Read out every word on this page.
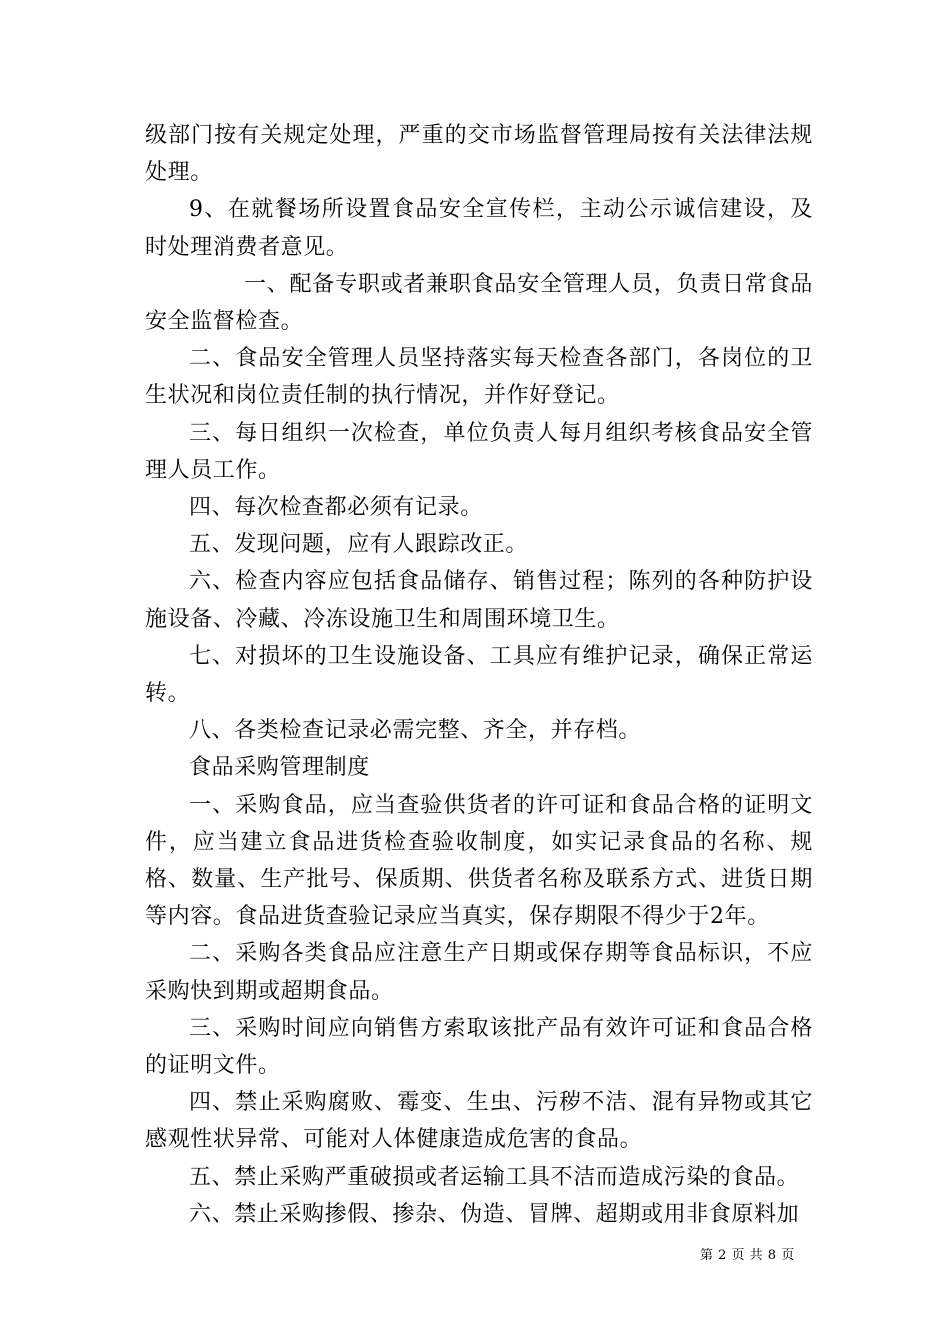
级部门按有关规定处理，严重的交市场监督管理局按有关法律法规处理。

9、在就餐场所设置食品安全宣传栏，主动公示诚信建设，及时处理消费者意见。

一、配备专职或者兼职食品安全管理人员，负责日常食品安全监督检查。

二、食品安全管理人员坚持落实每天检查各部门，各岗位的卫生状况和岗位责任制的执行情况，并作好登记。

三、每日组织一次检查，单位负责人每月组织考核食品安全管理人员工作。

四、每次检查都必须有记录。

五、发现问题，应有人跟踪改正。

六、检查内容应包括食品储存、销售过程；陈列的各种防护设施设备、冷藏、冷冻设施卫生和周围环境卫生。

七、对损坏的卫生设施设备、工具应有维护记录，确保正常运转。

八、各类检查记录必需完整、齐全，并存档。

食品采购管理制度

一、采购食品，应当查验供货者的许可证和食品合格的证明文件，应当建立食品进货检查验收制度，如实记录食品的名称、规格、数量、生产批号、保质期、供货者名称及联系方式、进货日期等内容。食品进货查验记录应当真实，保存期限不得少于2年。

二、采购各类食品应注意生产日期或保存期等食品标识，不应采购快到期或超期食品。

三、采购时间应向销售方索取该批产品有效许可证和食品合格的证明文件。

四、禁止采购腐败、霉变、生虫、污秽不洁、混有异物或其它感观性状异常、可能对人体健康造成危害的食品。

五、禁止采购严重破损或者运输工具不洁而造成污染的食品。

六、禁止采购掺假、掺杂、伪造、冒牌、超期或用非食原料加

第 2 页 共 8 页
